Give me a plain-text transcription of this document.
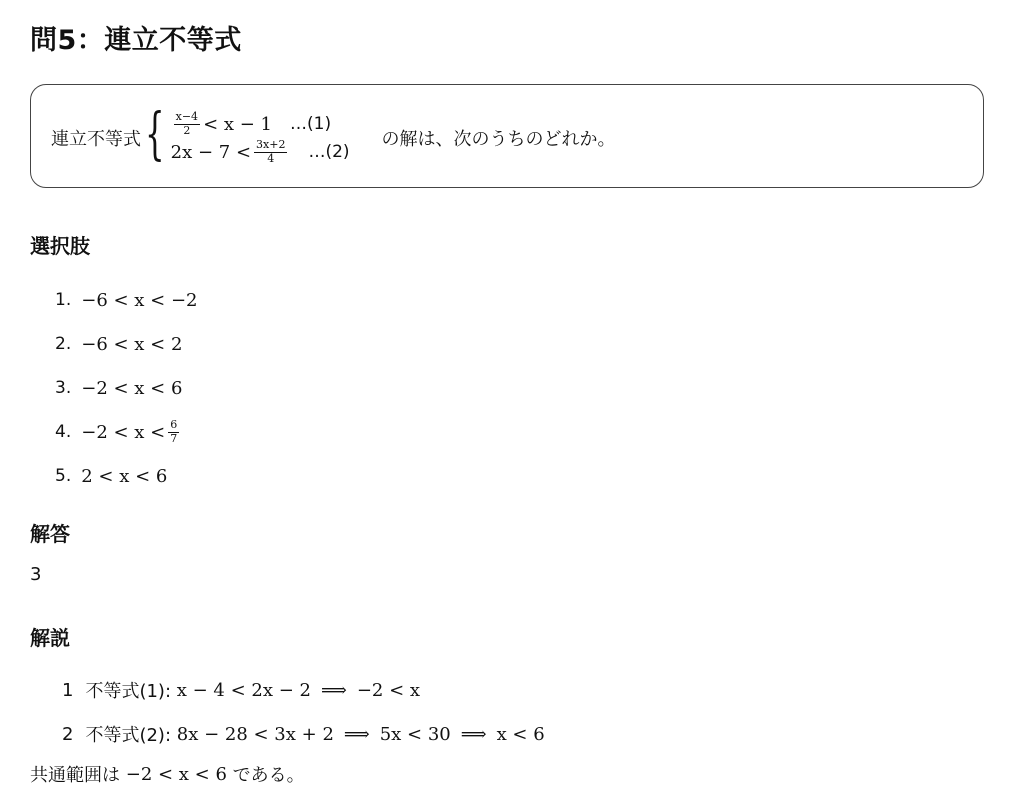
問5：連立不等式
連立不等式 { $\frac{x-4}{2} < x - 1$ …(1)
$2x - 7 < \frac{3x+2}{4}$ …(2)
の解は、次のうちのどれか。
選択肢
1. −6 < x < −2
2. −6 < x < 2
3. −2 < x < 6
4. $-2 < x < \frac{6}{7}$
5. 2 < x < 6
解答
3
解説
1 不等式(1):
x − 4 < 2x − 2 ⟹ −2 < x
2 不等式(2):
8x − 28 < 3x + 2 ⟹ 5x < 30 ⟹ x < 6
共通範囲は
−2 < x < 6
である。
